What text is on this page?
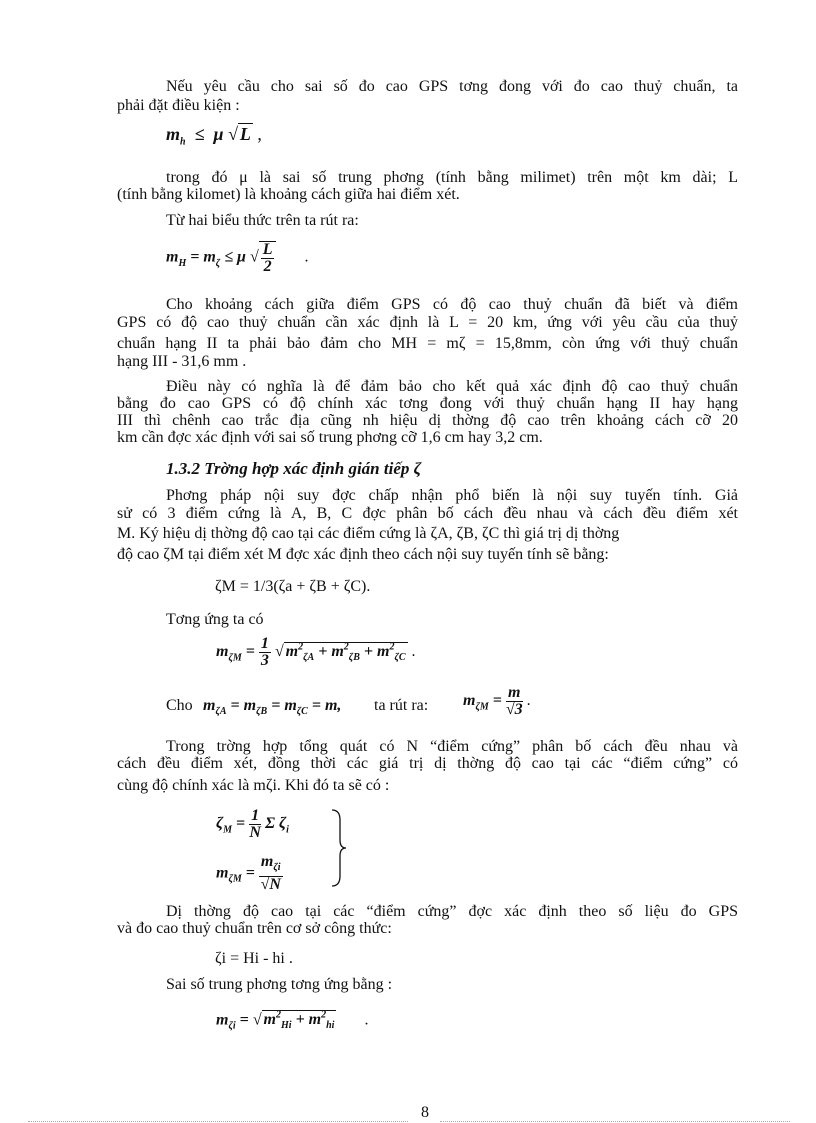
Nếu yêu cầu cho sai số đo cao GPS tơng đong với đo cao thuỷ chuẩn, ta
phải đặt điều kiện :
$m_h \le \mu$ √ L ,
trong đó μ là sai số trung phơng (tính bằng milimet) trên một km dài; L
(tính bằng kilomet) là khoảng cách giữa hai điểm xét.
Từ hai biểu thức trên ta rút ra:
$m_H = m_\zeta \le \mu$ √ $\frac{L}{2}$ .
Cho khoảng cách giữa điểm GPS có độ cao thuỷ chuẩn đã biết và điểm
GPS có độ cao thuỷ chuẩn cần xác định là L = 20 km, ứng với yêu cầu của thuỷ
chuẩn hạng II ta phải bảo đảm cho MH = mζ = 15,8mm, còn ứng với thuỷ chuẩn
hạng III - 31,6 mm .
Điều này có nghĩa là để đảm bảo cho kết quả xác định độ cao thuỷ chuẩn
bằng đo cao GPS có độ chính xác tơng đong với thuỷ chuẩn hạng II hay hạng
III thì chênh cao trắc địa cũng nh hiệu dị thờng độ cao trên khoảng cách cỡ 20
km cần đợc xác định với sai số trung phơng cỡ 1,6 cm hay 3,2 cm.
1.3.2 Trờng hợp xác định gián tiếp ζ
Phơng pháp nội suy đợc chấp nhận phổ biến là nội suy tuyến tính. Giả
sử có 3 điểm cứng là A, B, C đợc phân bố cách đều nhau và cách đều điểm xét
M. Ký hiệu dị thờng độ cao tại các điểm cứng là ζA, ζB, ζC thì giá trị dị thờng
độ cao ζM tại điểm xét M đợc xác định theo cách nội suy tuyến tính sẽ bằng:
ζM = 1/3(ζa + ζB + ζC).
Tơng ứng ta có
$m_{\zeta M} = \frac{1}{3}$ √ $m^2_{\zeta A} + m^2_{\zeta B} + m^2_{\zeta C}$ .
Cho $m_{\zeta A} = m_{\zeta B} = m_{\zeta C} = m$, ta rút ra: $m_{\zeta M} = \frac{m}{√3}$ .
Trong trờng hợp tổng quát có N “điểm cứng” phân bố cách đều nhau và
cách đều điểm xét, đồng thời các giá trị dị thờng độ cao tại các “điểm cứng” có
cùng độ chính xác là mζi. Khi đó ta sẽ có :
$\zeta_M = \frac{1}{N}$ Σ $\zeta_i$
$m_{\zeta M} = \frac{m_{\zeta i}}{√N}$
Dị thờng độ cao tại các “điểm cứng” đợc xác định theo số liệu đo GPS
và đo cao thuỷ chuẩn trên cơ sở công thức:
ζi = Hi - hi .
Sai số trung phơng tơng ứng bằng :
$m_{\zeta i}$ = √ $m^2_{Hi} + m^2_{hi}$       .
8
